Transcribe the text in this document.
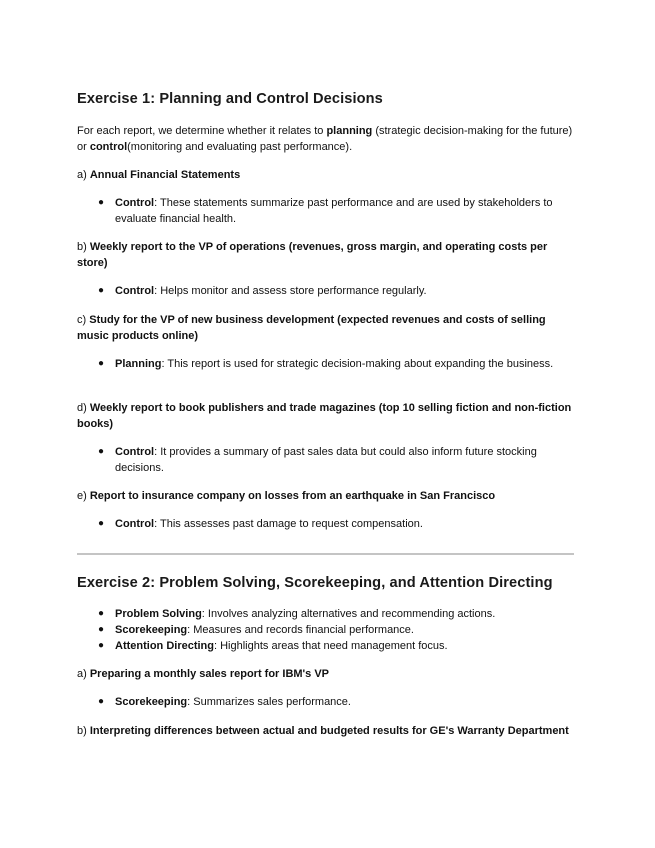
Exercise 1: Planning and Control Decisions
For each report, we determine whether it relates to planning (strategic decision-making for the future) or control(monitoring and evaluating past performance).
a) Annual Financial Statements
● Control: These statements summarize past performance and are used by stakeholders to evaluate financial health.
b) Weekly report to the VP of operations (revenues, gross margin, and operating costs per store)
● Control: Helps monitor and assess store performance regularly.
c) Study for the VP of new business development (expected revenues and costs of selling music products online)
● Planning: This report is used for strategic decision-making about expanding the business.
d) Weekly report to book publishers and trade magazines (top 10 selling fiction and non-fiction books)
● Control: It provides a summary of past sales data but could also inform future stocking decisions.
e) Report to insurance company on losses from an earthquake in San Francisco
● Control: This assesses past damage to request compensation.
Exercise 2: Problem Solving, Scorekeeping, and Attention Directing
● Problem Solving: Involves analyzing alternatives and recommending actions.
● Scorekeeping: Measures and records financial performance.
● Attention Directing: Highlights areas that need management focus.
a) Preparing a monthly sales report for IBM's VP
● Scorekeeping: Summarizes sales performance.
b) Interpreting differences between actual and budgeted results for GE's Warranty Department
